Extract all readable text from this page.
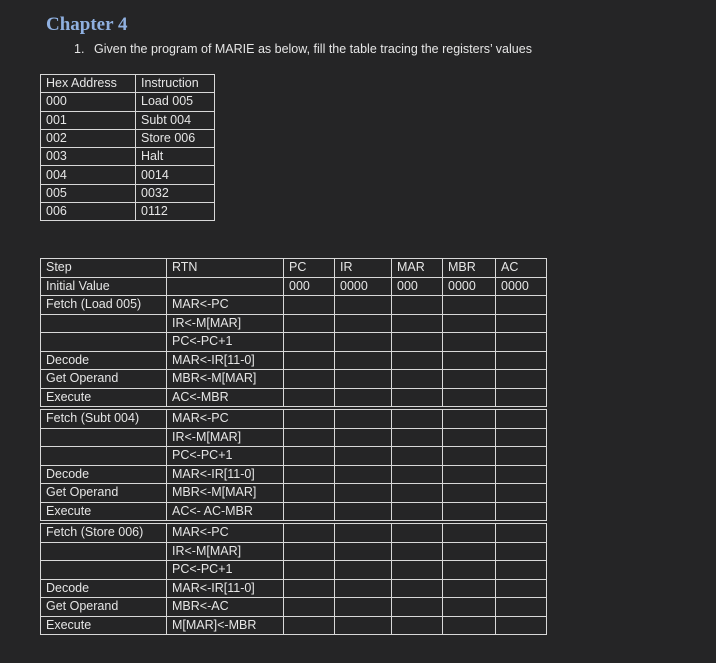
Chapter 4
1. Given the program of MARIE as below, fill the table tracing the registers’ values
Hex Address	Instruction
000	Load 005
001	Subt 004
002	Store 006
003	Halt
004	0014
005	0032
006	0112
Step	RTN	PC	IR	MAR	MBR	AC
Initial Value		000	0000	000	0000	0000
Fetch (Load 005)	MAR<-PC					
	IR<-M[MAR]					
	PC<-PC+1					
Decode	MAR<-IR[11-0]					
Get Operand	MBR<-M[MAR]					
Execute	AC<-MBR					
Fetch (Subt 004)	MAR<-PC					
	IR<-M[MAR]					
	PC<-PC+1					
Decode	MAR<-IR[11-0]					
Get Operand	MBR<-M[MAR]					
Execute	AC<- AC-MBR					
Fetch (Store 006)	MAR<-PC					
	IR<-M[MAR]					
	PC<-PC+1					
Decode	MAR<-IR[11-0]					
Get Operand	MBR<-AC					
Execute	M[MAR]<-MBR					
